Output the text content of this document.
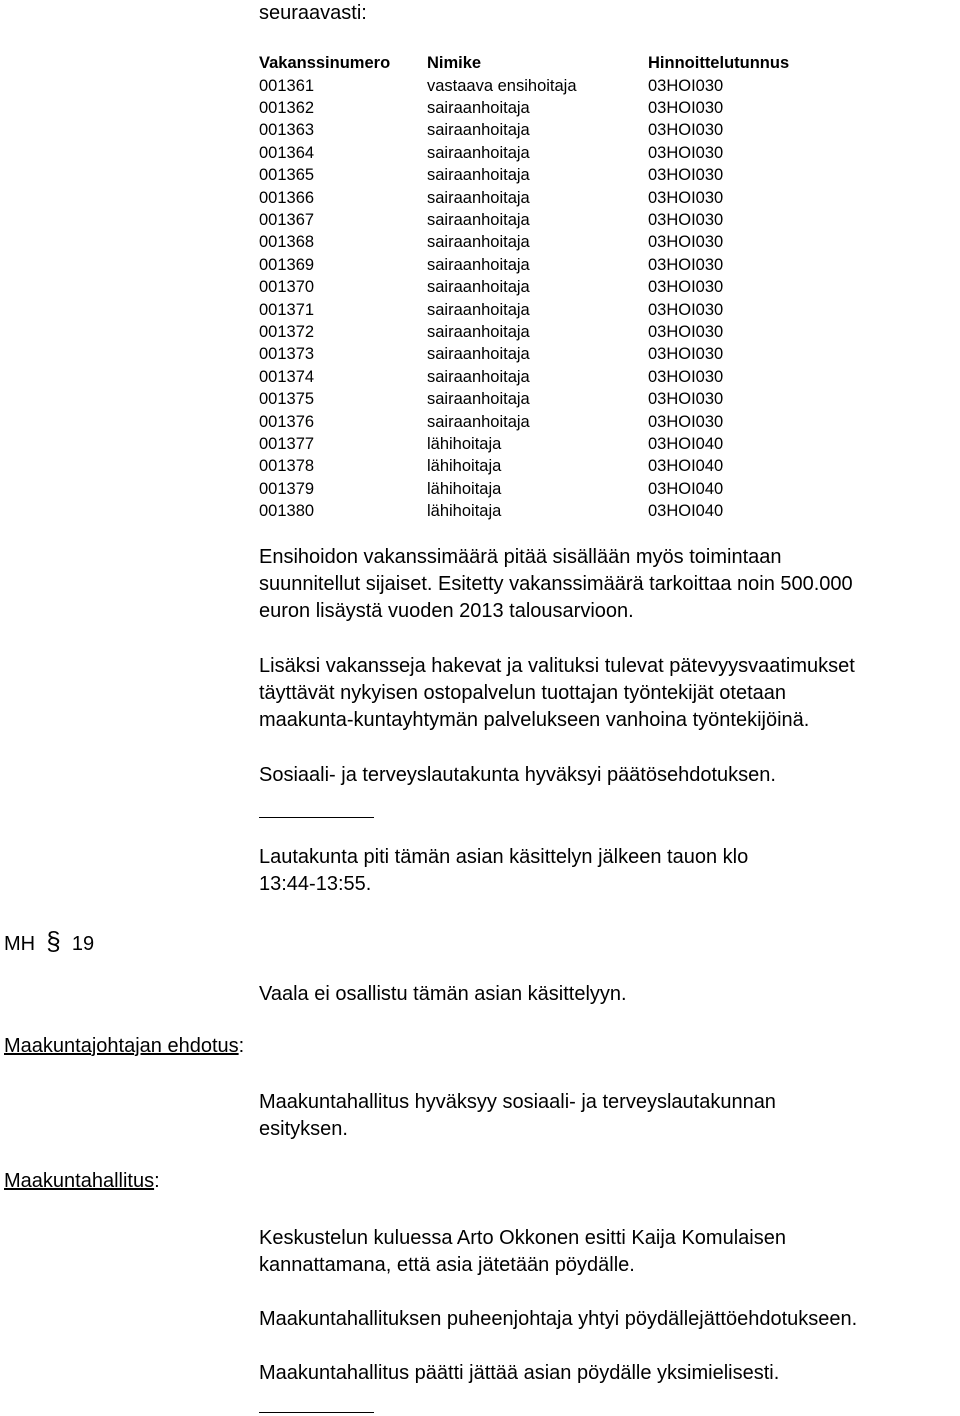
seuraavasti:
Vakanssinumero	Nimike	Hinnoittelutunnus
001361	vastaava ensihoitaja	03HOI030
001362	sairaanhoitaja	03HOI030
001363	sairaanhoitaja	03HOI030
001364	sairaanhoitaja	03HOI030
001365	sairaanhoitaja	03HOI030
001366	sairaanhoitaja	03HOI030
001367	sairaanhoitaja	03HOI030
001368	sairaanhoitaja	03HOI030
001369	sairaanhoitaja	03HOI030
001370	sairaanhoitaja	03HOI030
001371	sairaanhoitaja	03HOI030
001372	sairaanhoitaja	03HOI030
001373	sairaanhoitaja	03HOI030
001374	sairaanhoitaja	03HOI030
001375	sairaanhoitaja	03HOI030
001376	sairaanhoitaja	03HOI030
001377	lähihoitaja	03HOI040
001378	lähihoitaja	03HOI040
001379	lähihoitaja	03HOI040
001380	lähihoitaja	03HOI040
Ensihoidon vakanssimäärä pitää sisällään myös toimintaan
suunnitellut sijaiset. Esitetty vakanssimäärä tarkoittaa noin 500.000
euron lisäystä vuoden 2013 talousarvioon.
Lisäksi vakansseja hakevat ja valituksi tulevat pätevyysvaatimukset
täyttävät nykyisen ostopalvelun tuottajan työntekijät otetaan
maakunta-kuntayhtymän palvelukseen vanhoina työntekijöinä.
Sosiaali- ja terveyslautakunta hyväksyi päätösehdotuksen.
Lautakunta piti tämän asian käsittelyn jälkeen tauon klo
13:44-13:55.
MH § 19
Vaala ei osallistu tämän asian käsittelyyn.
Maakuntajohtajan ehdotus:
Maakuntahallitus hyväksyy sosiaali- ja terveyslautakunnan
esityksen.
Maakuntahallitus:
Keskustelun kuluessa Arto Okkonen esitti Kaija Komulaisen
kannattamana, että asia jätetään pöydälle.
Maakuntahallituksen puheenjohtaja yhtyi pöydällejättöehdotukseen.
Maakuntahallitus päätti jättää asian pöydälle yksimielisesti.
